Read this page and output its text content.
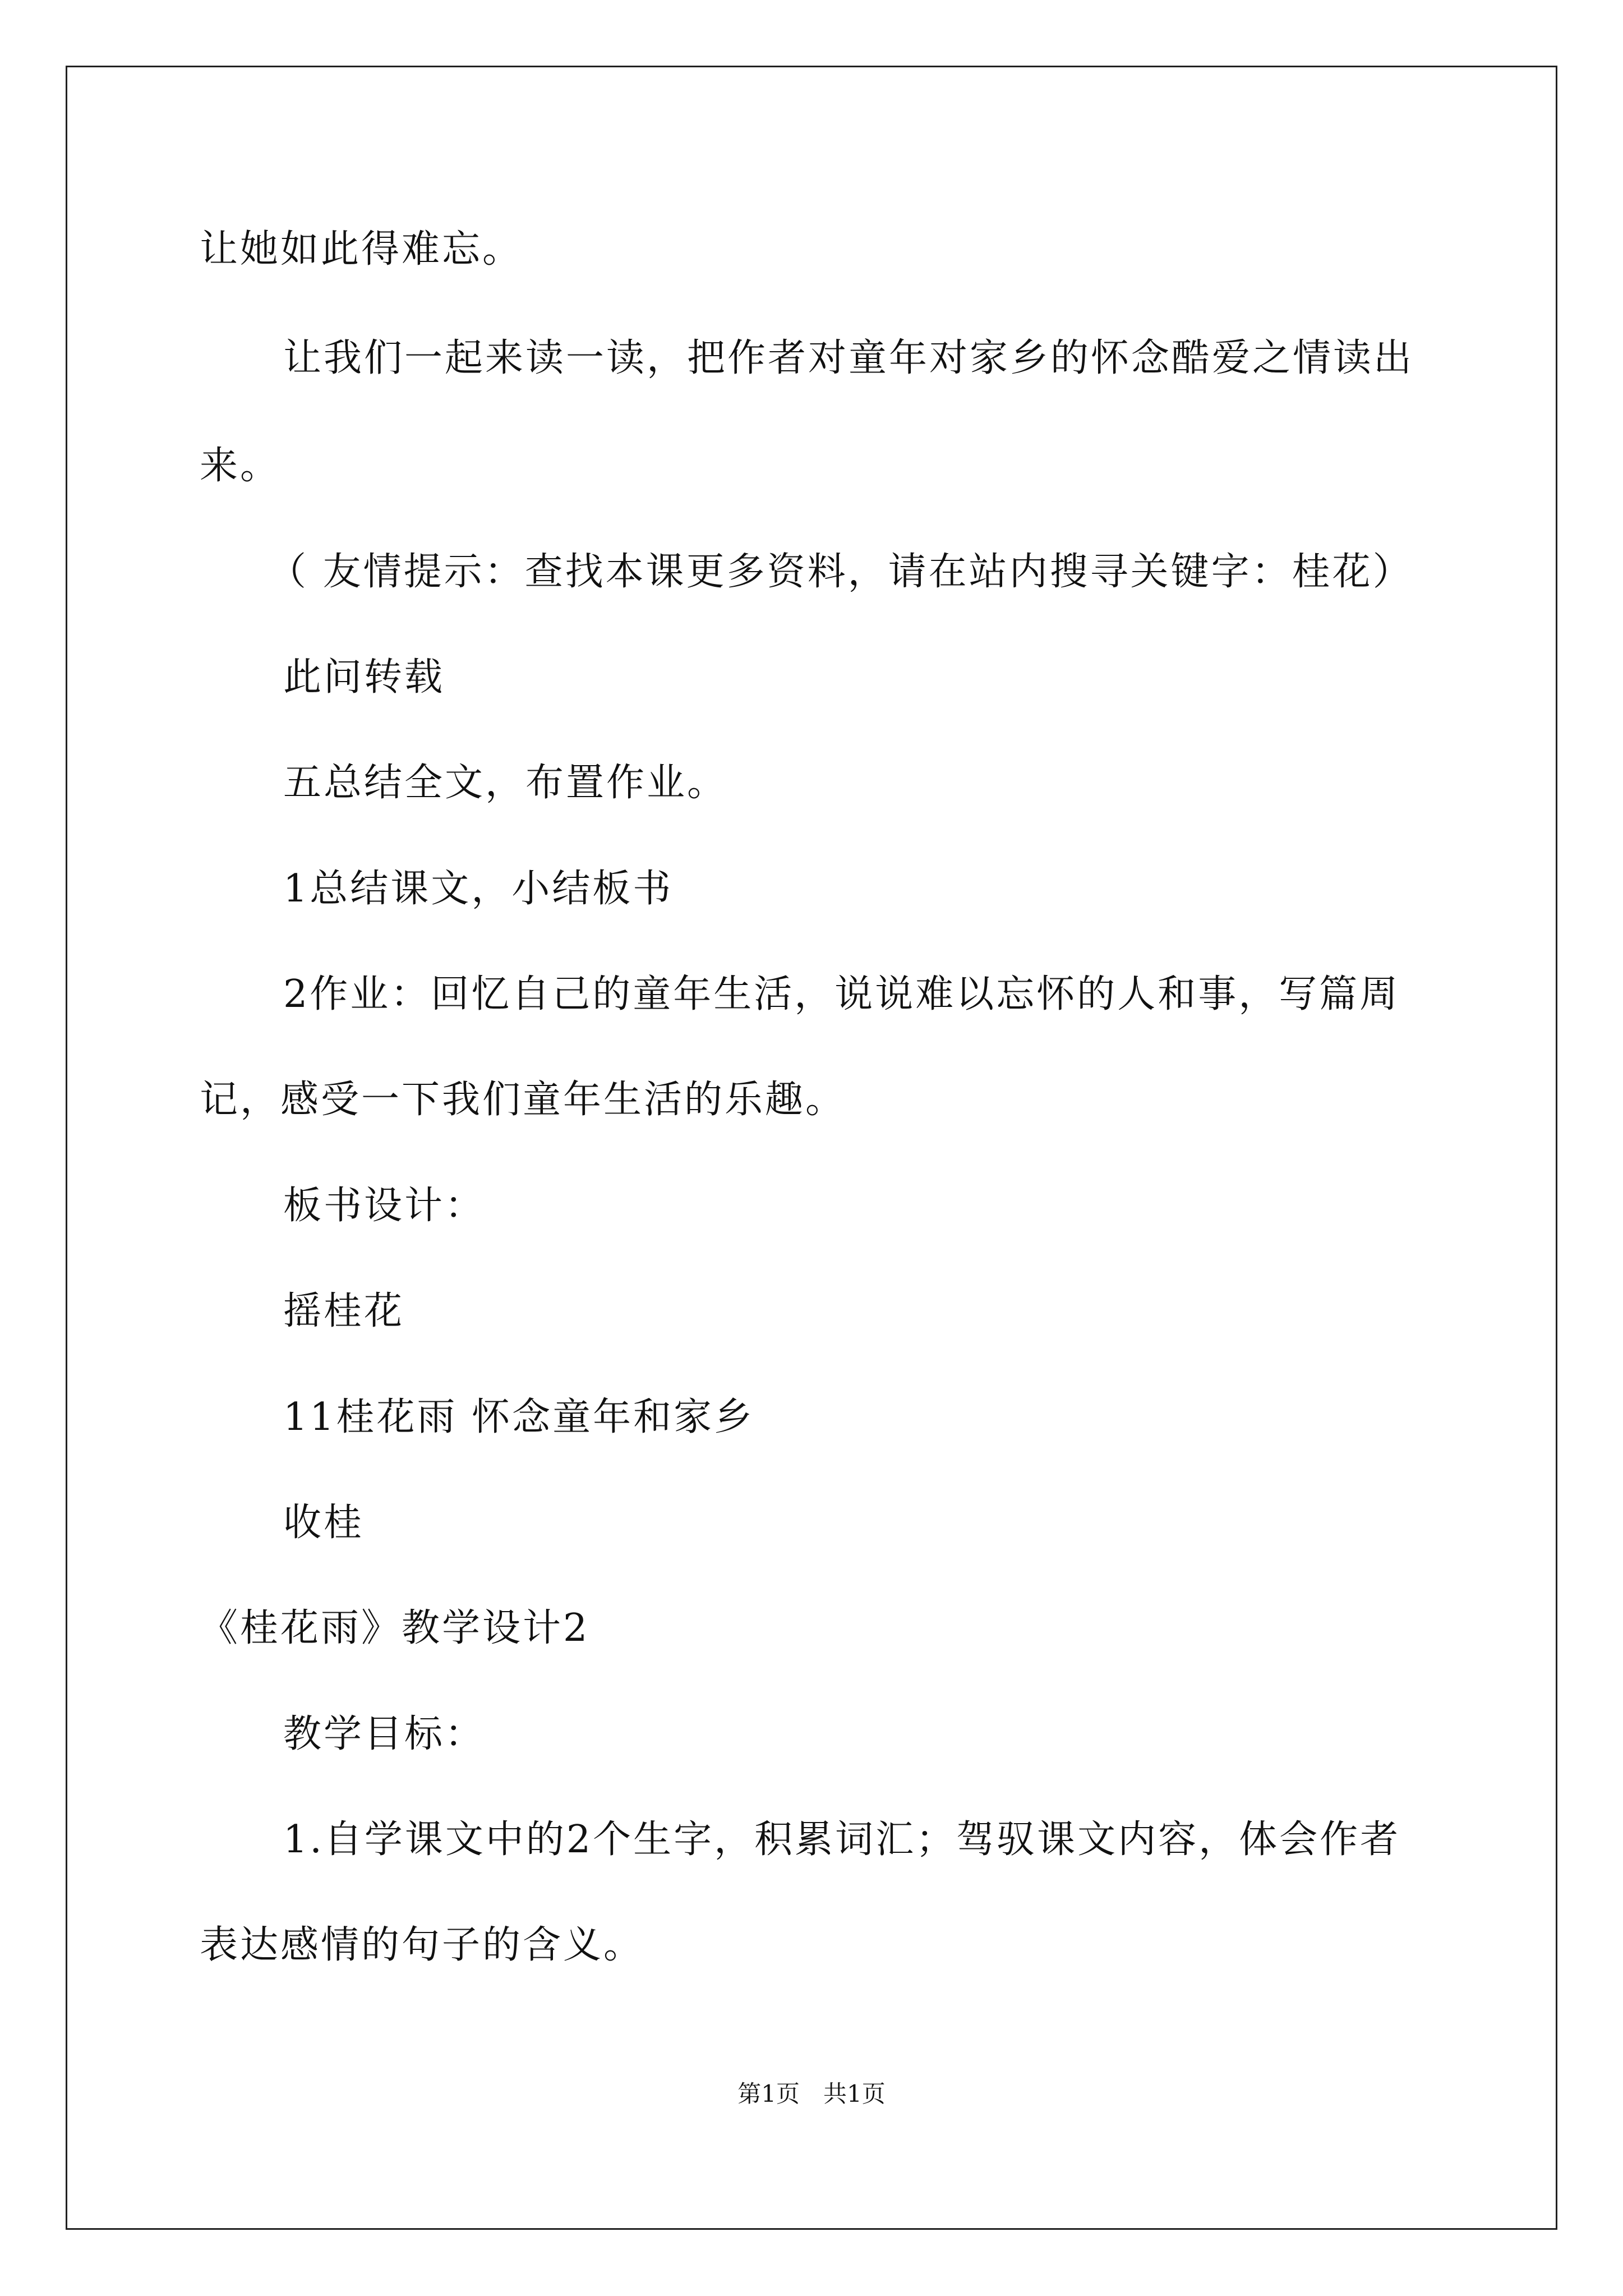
让她如此得难忘。
让我们一起来读一读，把作者对童年对家乡的怀念酷爱之情读出
来。
（ 友情提示：查找本课更多资料，请在站内搜寻关键字：桂花）
此问转载
五总结全文，布置作业。
1总结课文，小结板书
2作业：回忆自己的童年生活，说说难以忘怀的人和事，写篇周
记，感受一下我们童年生活的乐趣。
板书设计：
摇桂花
11桂花雨 怀念童年和家乡
收桂
《桂花雨》教学设计2
教学目标：
1.自学课文中的2个生字，积累词汇；驾驭课文内容，体会作者
表达感情的句子的含义。
第1页　共1页
